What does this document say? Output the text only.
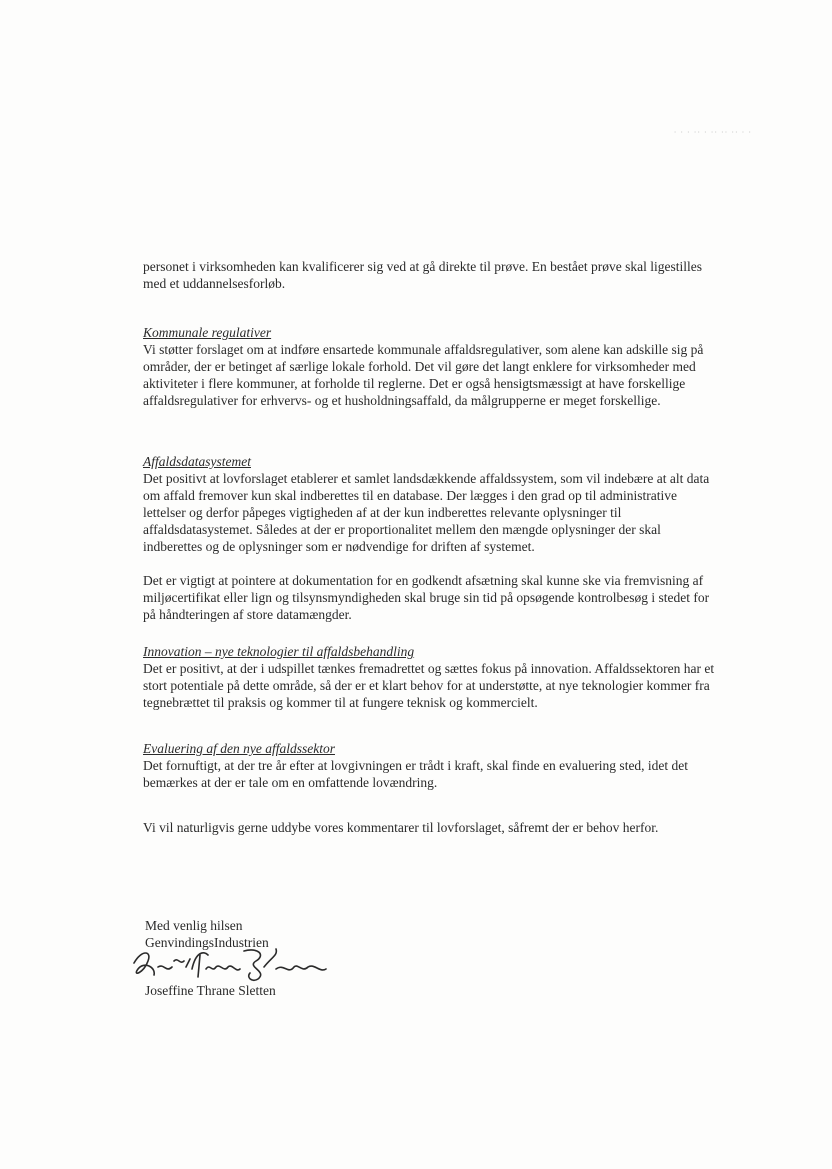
· · · ·· · ·· ·· ·· · ·

personet i virksomheden kan kvalificerer sig ved at gå direkte til prøve. En bestået prøve skal ligestilles med et uddannelsesforløb.

Kommunale regulativer

Vi støtter forslaget om at indføre ensartede kommunale affaldsregulativer, som alene kan adskille sig på områder, der er betinget af særlige lokale forhold. Det vil gøre det langt enklere for virksomheder med aktiviteter i flere kommuner, at forholde til reglerne. Det er også hensigtsmæssigt at have forskellige affaldsregulativer for erhvervs- og et husholdningsaffald, da målgrupperne er meget forskellige.

Affaldsdatasystemet

Det positivt at lovforslaget etablerer et samlet landsdækkende affaldssystem, som vil indebære at alt data om affald fremover kun skal indberettes til en database. Der lægges i den grad op til administrative lettelser og derfor påpeges vigtigheden af at der kun indberettes relevante oplysninger til affaldsdatasystemet. Således at der er proportionalitet mellem den mængde oplysninger der skal indberettes og de oplysninger som er nødvendige for driften af systemet.

Det er vigtigt at pointere at dokumentation for en godkendt afsætning skal kunne ske via fremvisning af miljøcertifikat eller lign og tilsynsmyndigheden skal bruge sin tid på opsøgende kontrolbesøg i stedet for på håndteringen af store datamængder.

Innovation – nye teknologier til affaldsbehandling

Det er positivt, at der i udspillet tænkes fremadrettet og sættes fokus på innovation. Affaldssektoren har et stort potentiale på dette område, så der er et klart behov for at understøtte, at nye teknologier kommer fra tegnebrættet til praksis og kommer til at fungere teknisk og kommercielt.

Evaluering af den nye affaldssektor

Det fornuftigt, at der tre år efter at lovgivningen er trådt i kraft, skal finde en evaluering sted, idet det bemærkes at der er tale om en omfattende lovændring.

Vi vil naturligvis gerne uddybe vores kommentarer til lovforslaget, såfremt der er behov herfor.

Med venlig hilsen

GenvindingsIndustrien

Joseffine Thrane Sletten
